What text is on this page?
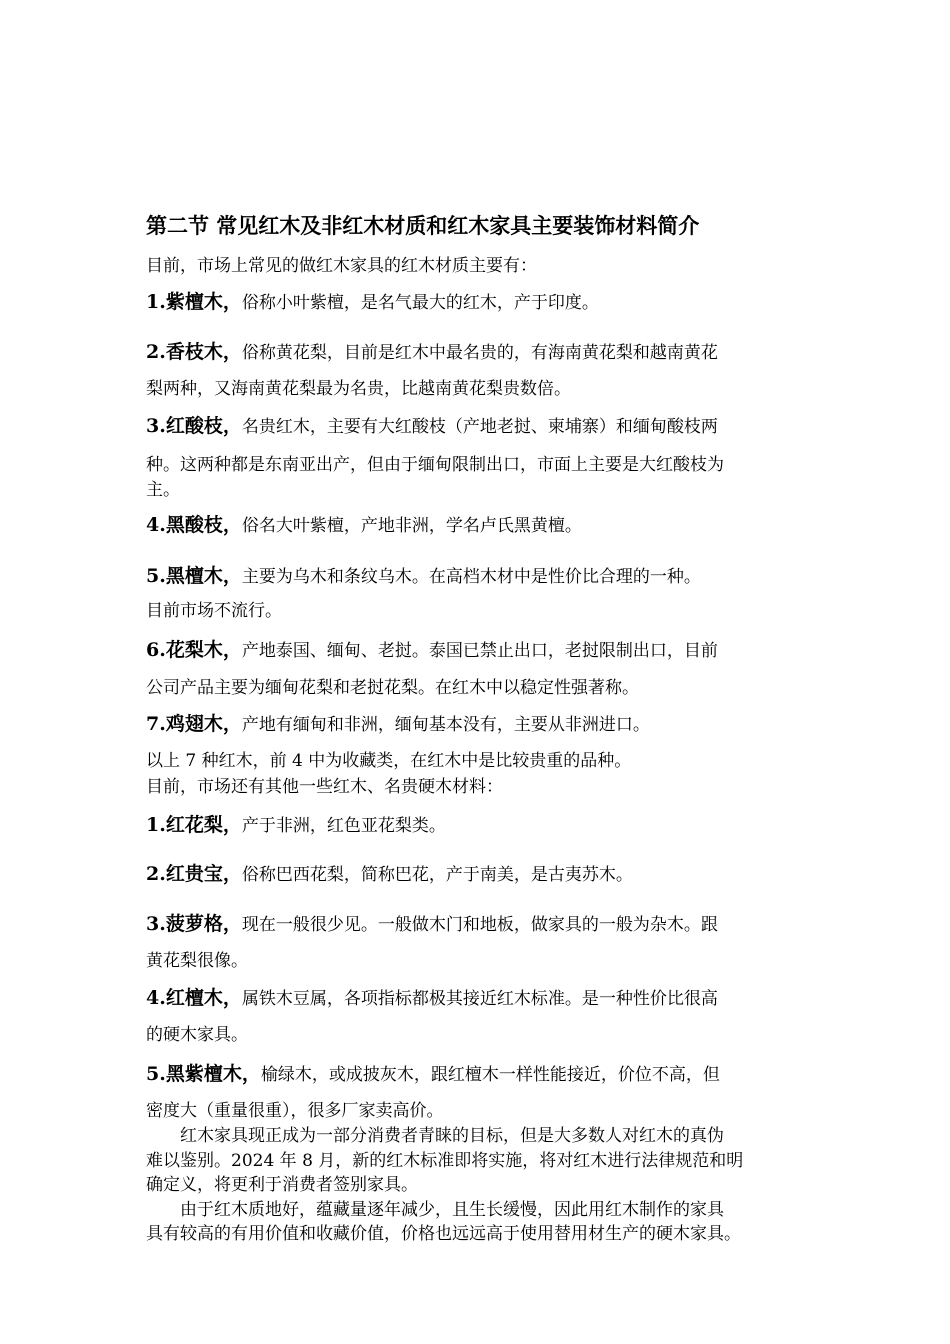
第二节 常见红木及非红木材质和红木家具主要装饰材料简介
目前，市场上常见的做红木家具的红木材质主要有：
1.紫檀木，俗称小叶紫檀，是名气最大的红木，产于印度。
2.香枝木，俗称黄花梨，目前是红木中最名贵的，有海南黄花梨和越南黄花
梨两种，又海南黄花梨最为名贵，比越南黄花梨贵数倍。
3.红酸枝，名贵红木，主要有大红酸枝（产地老挝、柬埔寨）和缅甸酸枝两
种。这两种都是东南亚出产，但由于缅甸限制出口，市面上主要是大红酸枝为
主。
4.黑酸枝，俗名大叶紫檀，产地非洲，学名卢氏黑黄檀。
5.黑檀木，主要为乌木和条纹乌木。在高档木材中是性价比合理的一种。
目前市场不流行。
6.花梨木，产地泰国、缅甸、老挝。泰国已禁止出口，老挝限制出口，目前
公司产品主要为缅甸花梨和老挝花梨。在红木中以稳定性强著称。
7.鸡翅木，产地有缅甸和非洲，缅甸基本没有，主要从非洲进口。
以上 7 种红木，前 4 中为收藏类，在红木中是比较贵重的品种。
目前，市场还有其他一些红木、名贵硬木材料：
1.红花梨，产于非洲，红色亚花梨类。
2.红贵宝，俗称巴西花梨，简称巴花，产于南美，是古夷苏木。
3.菠萝格，现在一般很少见。一般做木门和地板，做家具的一般为杂木。跟
黄花梨很像。
4.红檀木，属铁木豆属，各项指标都极其接近红木标准。是一种性价比很高
的硬木家具。
5.黑紫檀木，榆绿木，或成披灰木，跟红檀木一样性能接近，价位不高，但
密度大（重量很重），很多厂家卖高价。
红木家具现正成为一部分消费者青睐的目标，但是大多数人对红木的真伪
难以鉴别。2024 年 8 月，新的红木标准即将实施，将对红木进行法律规范和明
确定义，将更利于消费者签别家具。
由于红木质地好，蕴藏量逐年减少，且生长缓慢，因此用红木制作的家具
具有较高的有用价值和收藏价值，价格也远远高于使用替用材生产的硬木家具。
